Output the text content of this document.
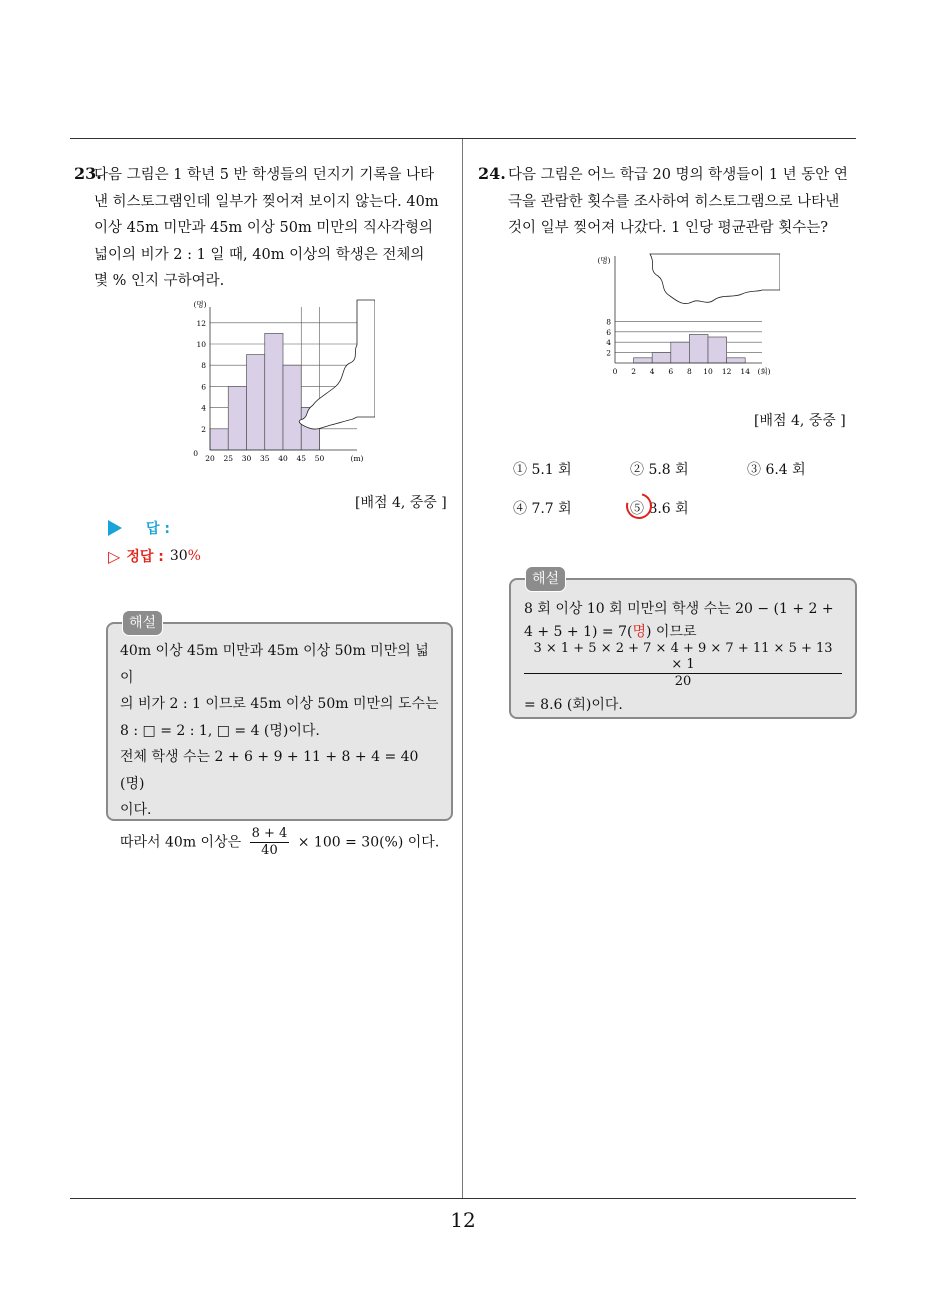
12
23.

다음 그림은 1 학년 5 반 학생들의 던지기 기록을 나타

낸 히스토그램인데 일부가 찢어져 보이지 않는다. 40m

이상 45m 미만과 45m 이상 50m 미만의 직사각형의

넓이의 비가 2 : 1 일 때, 40m 이상의 학생은 전체의

몇 % 인지 구하여라.

0
2
4
6
8
10
12
20 25 30 35 40 45 50
(명)
(m)
[배점 4, 중중 ]
답 :
▷ 정답 : 30 %
해설

40m 이상 45m 미만과 45m 이상 50m 미만의 넓이

의 비가 2 : 1 이므로 45m 이상 50m 미만의 도수는

8 : □ = 2 : 1, □ = 4 (명)이다.

전체 학생 수는 2 + 6 + 9 + 11 + 8 + 4 = 40 (명)

이다.

따라서 40m 이상은 $\frac{8 + 4}{40} \times 100 = 30(\%)$ 이다.

24. 다음 그림은 어느 학급 20 명의 학생들이 1 년 동안 연

극을 관람한 횟수를 조사하여 히스토그램으로 나타낸

것이 일부 찢어져 나갔다. 1 인당 평균관람 횟수는?

2
4
6
8
0 2 4 6 8 10 12 14
(명)
(회)
[배점 4, 중중 ]
① 5.1 회	② 5.8 회	③ 6.4 회
④ 7.7 회	⑤ 8.6 회
해설

8 회 이상 10 회 미만의 학생 수는 20 − (1 + 2 +

4 + 5 + 1) = 7(명) 이므로

3 × 1 + 5 × 2 + 7 × 4 + 9 × 7 + 11 × 5 + 13 × 1
20

= 8.6 (회)이다.
